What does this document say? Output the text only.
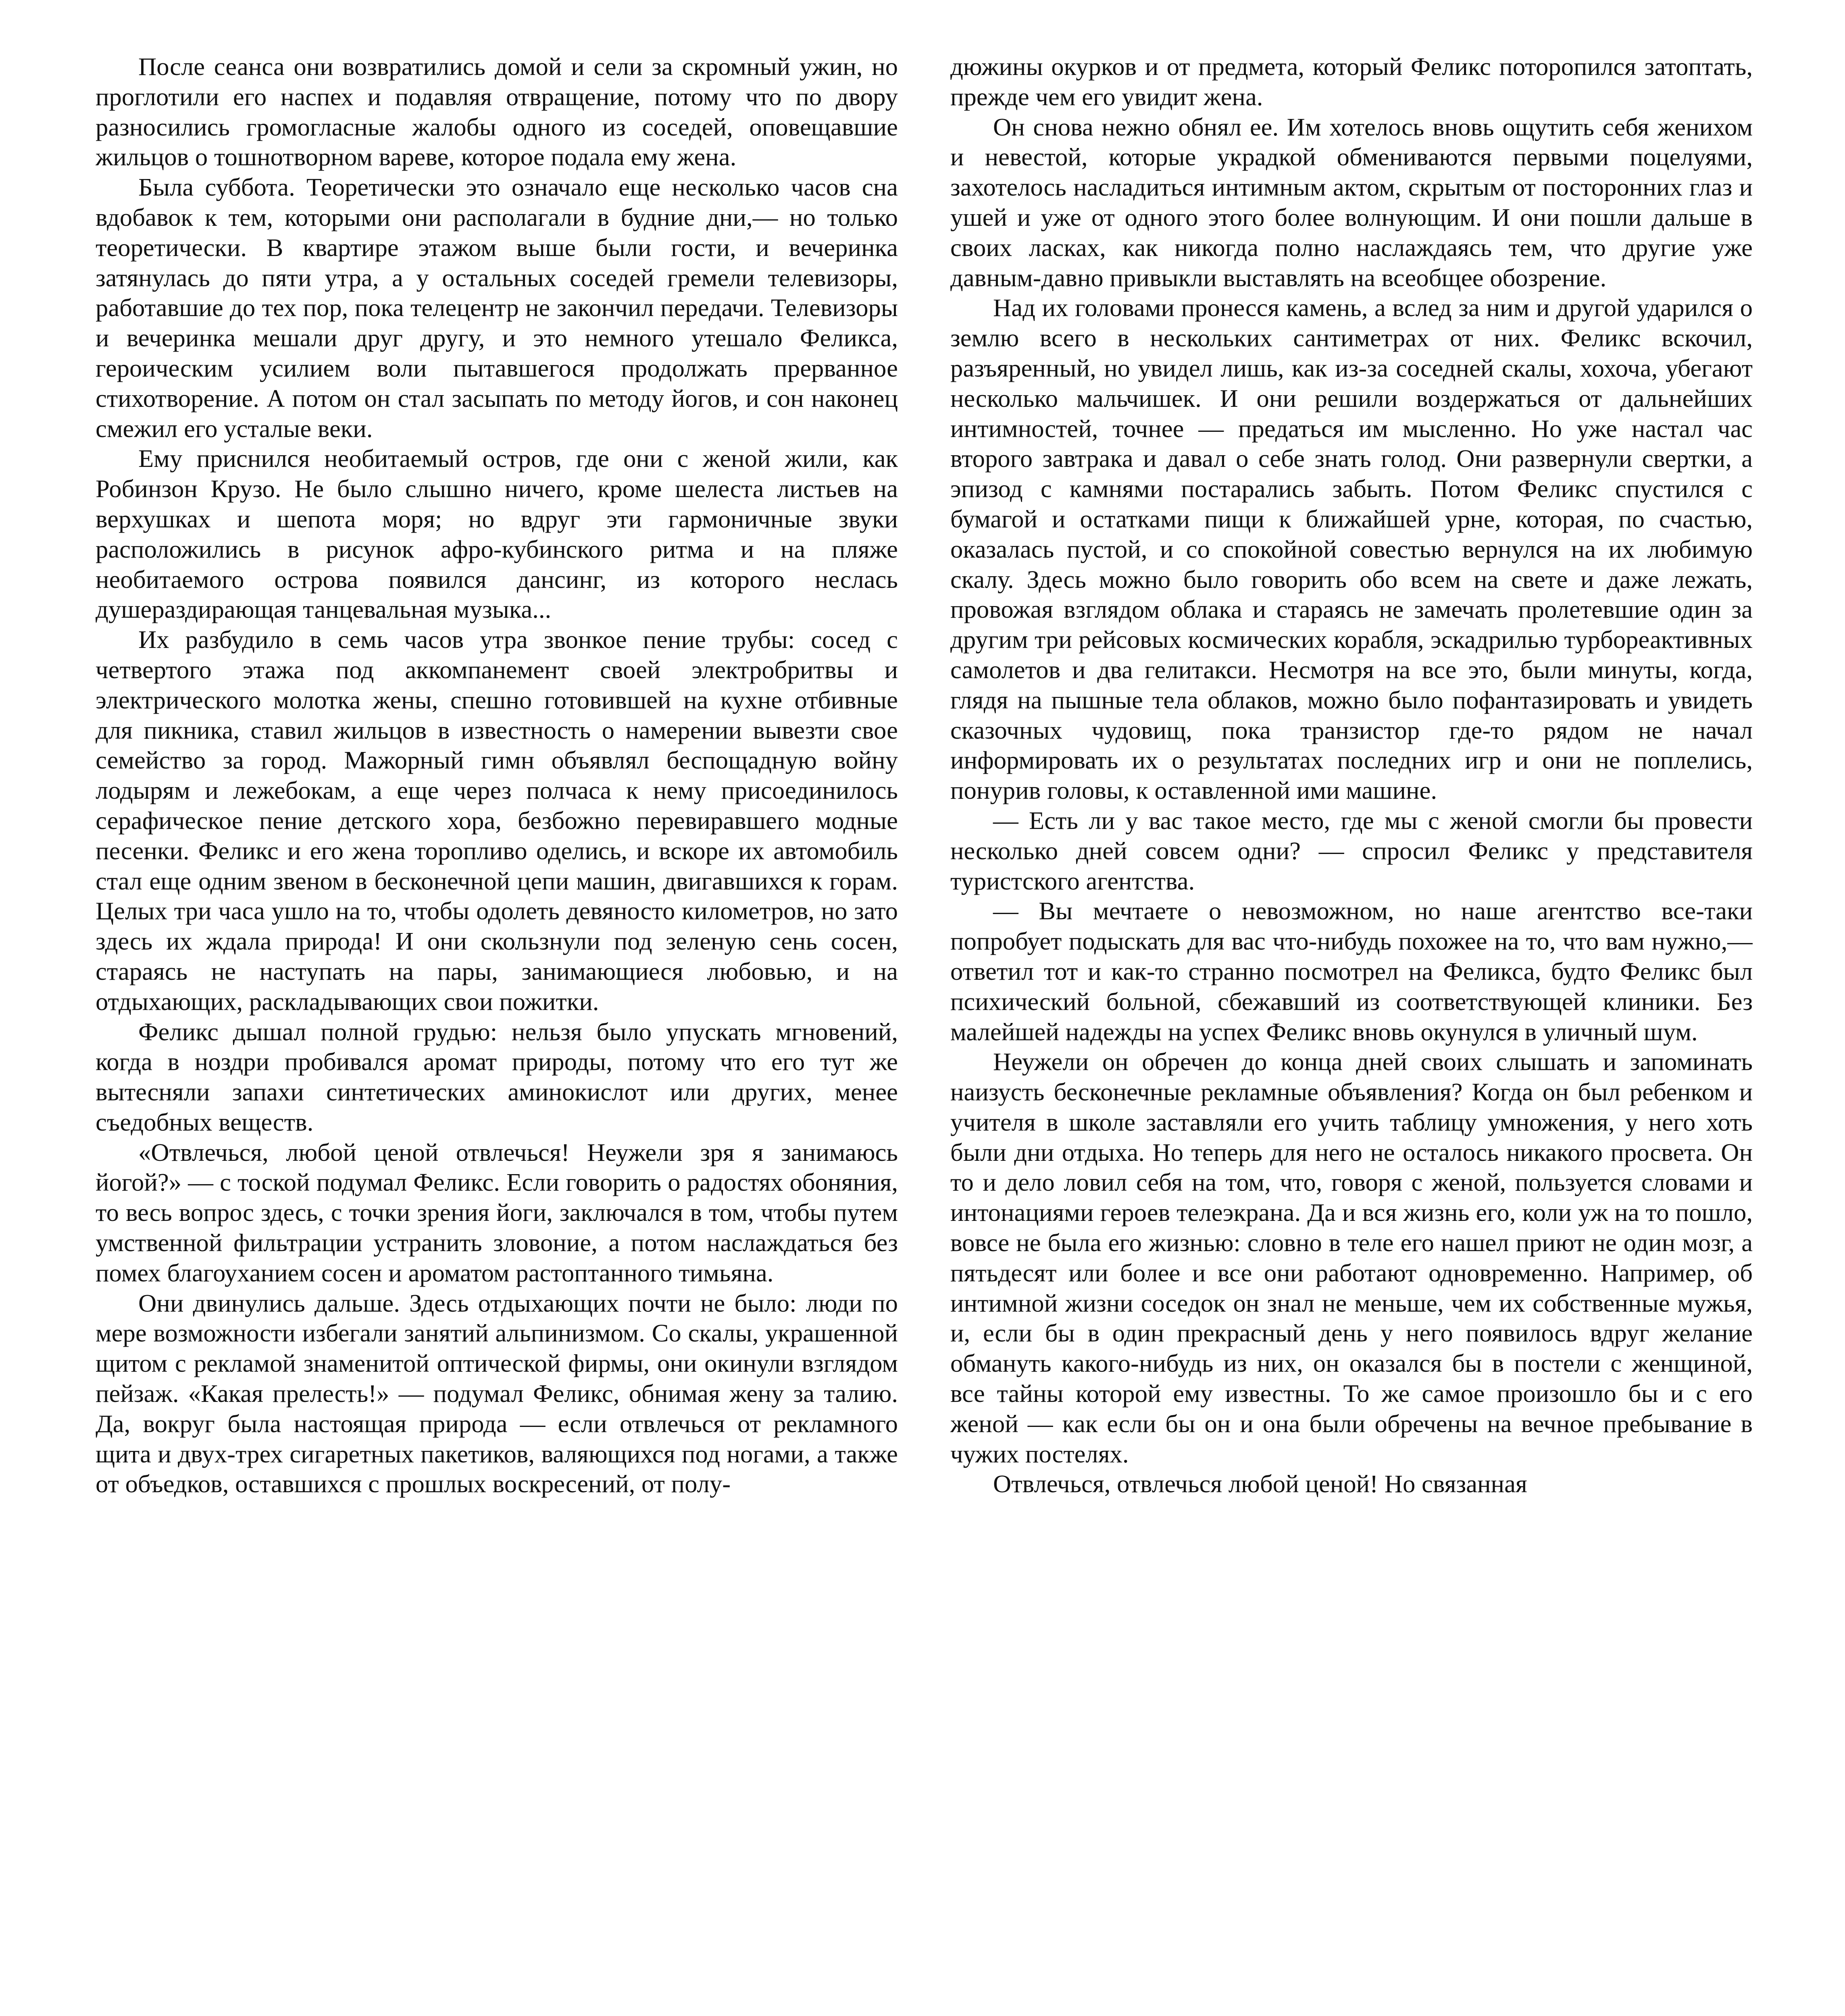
После сеанса они возвратились домой и сели за скромный ужин, но проглотили его наспех и подавляя отвращение, потому что по двору разносились громогласные жалобы одного из соседей, оповещавшие жильцов о тошнотворном вареве, которое подала ему жена.

Была суббота. Теоретически это означало еще несколько часов сна вдобавок к тем, которыми они располагали в будние дни,— но только теоретически. В квартире этажом выше были гости, и вечеринка затянулась до пяти утра, а у остальных соседей гремели телевизоры, работавшие до тех пор, пока телецентр не закончил передачи. Телевизоры и вечеринка мешали друг другу, и это немного утешало Феликса, героическим усилием воли пытавшегося продолжать прерванное стихотворение. А потом он стал засыпать по методу йогов, и сон наконец смежил его усталые веки.

Ему приснился необитаемый остров, где они с женой жили, как Робинзон Крузо. Не было слышно ничего, кроме шелеста листьев на верхушках и шепота моря; но вдруг эти гармоничные звуки расположились в рисунок афро-кубинского ритма и на пляже необитаемого острова появился дансинг, из которого неслась душераздирающая танцевальная музыка...

Их разбудило в семь часов утра звонкое пение трубы: сосед с четвертого этажа под аккомпанемент своей электробритвы и электрического молотка жены, спешно готовившей на кухне отбивные для пикника, ставил жильцов в известность о намерении вывезти свое семейство за город. Мажорный гимн объявлял беспощадную войну лодырям и лежебокам, а еще через полчаса к нему присоединилось серафическое пение детского хора, безбожно перевиравшего модные песенки. Феликс и его жена торопливо оделись, и вскоре их автомобиль стал еще одним звеном в бесконечной цепи машин, двигавшихся к горам. Целых три часа ушло на то, чтобы одолеть девяносто километров, но зато здесь их ждала природа! И они скользнули под зеленую сень сосен, стараясь не наступать на пары, занимающиеся любовью, и на отдыхающих, раскладывающих свои пожитки.

Феликс дышал полной грудью: нельзя было упускать мгновений, когда в ноздри пробивался аромат природы, потому что его тут же вытесняли запахи синтетических аминокислот или других, менее съедобных веществ.

«Отвлечься, любой ценой отвлечься! Неужели зря я занимаюсь йогой?» — с тоской подумал Феликс. Если говорить о радостях обоняния, то весь вопрос здесь, с точки зрения йоги, заключался в том, чтобы путем умственной фильтрации устранить зловоние, а потом наслаждаться без помех благоуханием сосен и ароматом растоптанного тимьяна.

Они двинулись дальше. Здесь отдыхающих почти не было: люди по мере возможности избегали занятий альпинизмом. Со скалы, украшенной щитом с рекламой знаменитой оптической фирмы, они окинули взглядом пейзаж. «Какая прелесть!» — подумал Феликс, обнимая жену за талию. Да, вокруг была настоящая природа — если отвлечься от рекламного щита и двух-трех сигаретных пакетиков, валяющихся под ногами, а также от объедков, оставшихся с прошлых воскресений, от полу-

дюжины окурков и от предмета, который Феликс поторопился затоптать, прежде чем его увидит жена.

Он снова нежно обнял ее. Им хотелось вновь ощутить себя женихом и невестой, которые украдкой обмениваются первыми поцелуями, захотелось насладиться интимным актом, скрытым от посторонних глаз и ушей и уже от одного этого более волнующим. И они пошли дальше в своих ласках, как никогда полно наслаждаясь тем, что другие уже давным-давно привыкли выставлять на всеобщее обозрение.

Над их головами пронесся камень, а вслед за ним и другой ударился о землю всего в нескольких сантиметрах от них. Феликс вскочил, разъяренный, но увидел лишь, как из-за соседней скалы, хохоча, убегают несколько мальчишек. И они решили воздержаться от дальнейших интимностей, точнее — предаться им мысленно. Но уже настал час второго завтрака и давал о себе знать голод. Они развернули свертки, а эпизод с камнями постарались забыть. Потом Феликс спустился с бумагой и остатками пищи к ближайшей урне, которая, по счастью, оказалась пустой, и со спокойной совестью вернулся на их любимую скалу. Здесь можно было говорить обо всем на свете и даже лежать, провожая взглядом облака и стараясь не замечать пролетевшие один за другим три рейсовых космических корабля, эскадрилью турбореактивных самолетов и два гелитакси. Несмотря на все это, были минуты, когда, глядя на пышные тела облаков, можно было пофантазировать и увидеть сказочных чудовищ, пока транзистор где-то рядом не начал информировать их о результатах последних игр и они не поплелись, понурив головы, к оставленной ими машине.

— Есть ли у вас такое место, где мы с женой смогли бы провести несколько дней совсем одни? — спросил Феликс у представителя туристского агентства.

— Вы мечтаете о невозможном, но наше агентство все-таки попробует подыскать для вас что-нибудь похожее на то, что вам нужно,— ответил тот и как-то странно посмотрел на Феликса, будто Феликс был психический больной, сбежавший из соответствующей клиники. Без малейшей надежды на успех Феликс вновь окунулся в уличный шум.

Неужели он обречен до конца дней своих слышать и запоминать наизусть бесконечные рекламные объявления? Когда он был ребенком и учителя в школе заставляли его учить таблицу умножения, у него хоть были дни отдыха. Но теперь для него не осталось никакого просвета. Он то и дело ловил себя на том, что, говоря с женой, пользуется словами и интонациями героев телеэкрана. Да и вся жизнь его, коли уж на то пошло, вовсе не была его жизнью: словно в теле его нашел приют не один мозг, а пятьдесят или более и все они работают одновременно. Например, об интимной жизни соседок он знал не меньше, чем их собственные мужья, и, если бы в один прекрасный день у него появилось вдруг желание обмануть какого-нибудь из них, он оказался бы в постели с женщиной, все тайны которой ему известны. То же самое произошло бы и с его женой — как если бы он и она были обречены на вечное пребывание в чужих постелях.

Отвлечься, отвлечься любой ценой! Но связанная
